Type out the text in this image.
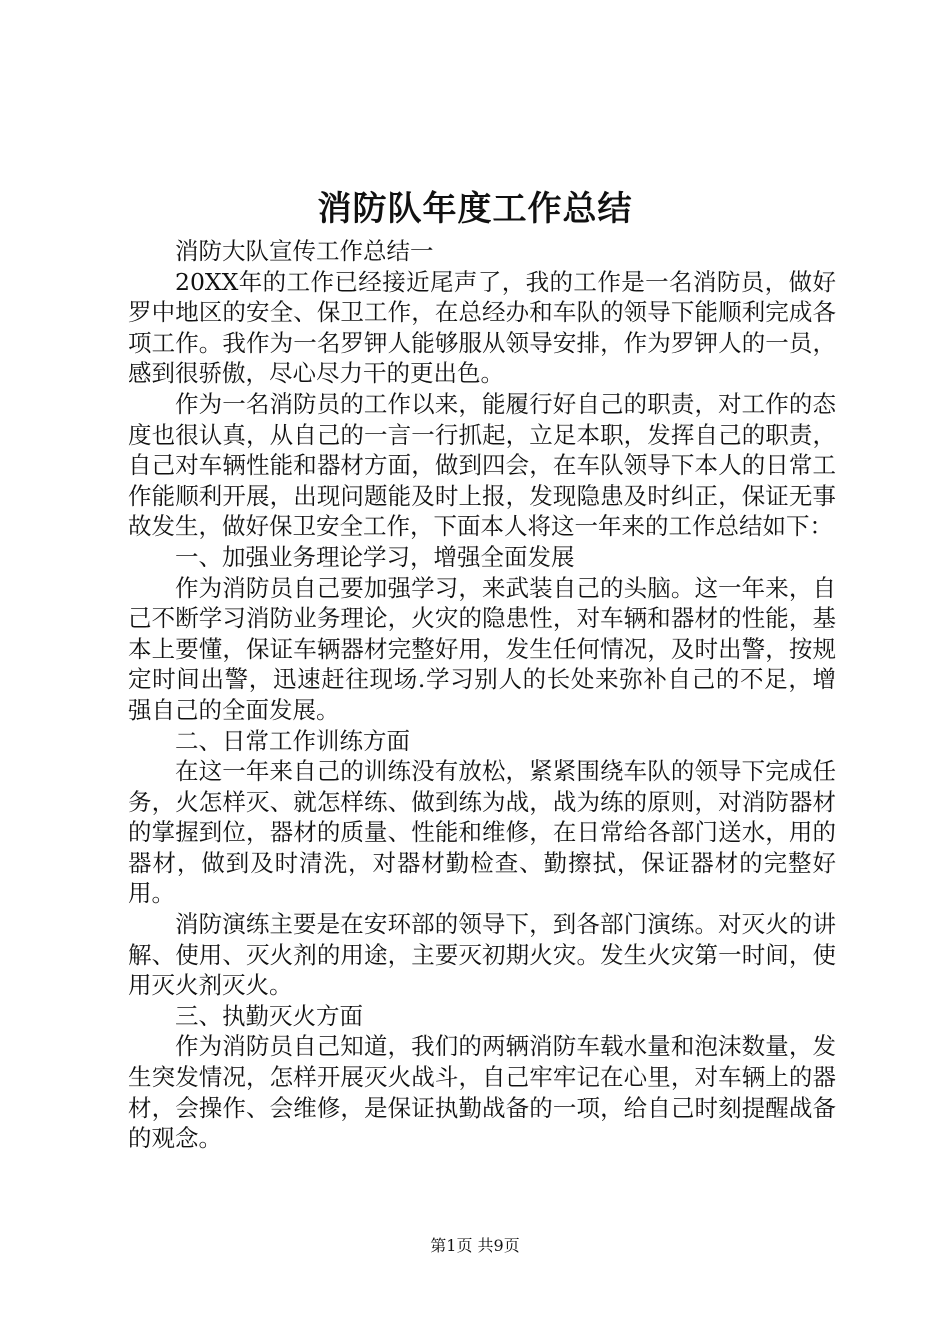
消防队年度工作总结

消防大队宣传工作总结一

20XX年的工作已经接近尾声了，我的工作是一名消防员，做好罗中地区的安全、保卫工作，在总经办和车队的领导下能顺利完成各项工作。我作为一名罗钾人能够服从领导安排，作为罗钾人的一员，感到很骄傲，尽心尽力干的更出色。

作为一名消防员的工作以来，能履行好自己的职责，对工作的态度也很认真，从自己的一言一行抓起，立足本职，发挥自己的职责，自己对车辆性能和器材方面，做到四会，在车队领导下本人的日常工作能顺利开展，出现问题能及时上报，发现隐患及时纠正，保证无事故发生，做好保卫安全工作，下面本人将这一年来的工作总结如下：

一、加强业务理论学习，增强全面发展

作为消防员自己要加强学习，来武装自己的头脑。这一年来，自己不断学习消防业务理论，火灾的隐患性，对车辆和器材的性能，基本上要懂，保证车辆器材完整好用，发生任何情况，及时出警，按规定时间出警，迅速赶往现场.学习别人的长处来弥补自己的不足，增强自己的全面发展。

二、日常工作训练方面

在这一年来自己的训练没有放松，紧紧围绕车队的领导下完成任务，火怎样灭、就怎样练、做到练为战，战为练的原则，对消防器材的掌握到位，器材的质量、性能和维修，在日常给各部门送水，用的器材，做到及时清洗，对器材勤检查、勤擦拭，保证器材的完整好用。

消防演练主要是在安环部的领导下，到各部门演练。对灭火的讲解、使用、灭火剂的用途，主要灭初期火灾。发生火灾第一时间，使用灭火剂灭火。

三、执勤灭火方面

作为消防员自己知道，我们的两辆消防车载水量和泡沫数量，发生突发情况，怎样开展灭火战斗，自己牢牢记在心里，对车辆上的器材，会操作、会维修，是保证执勤战备的一项，给自己时刻提醒战备的观念。

第1页 共9页
